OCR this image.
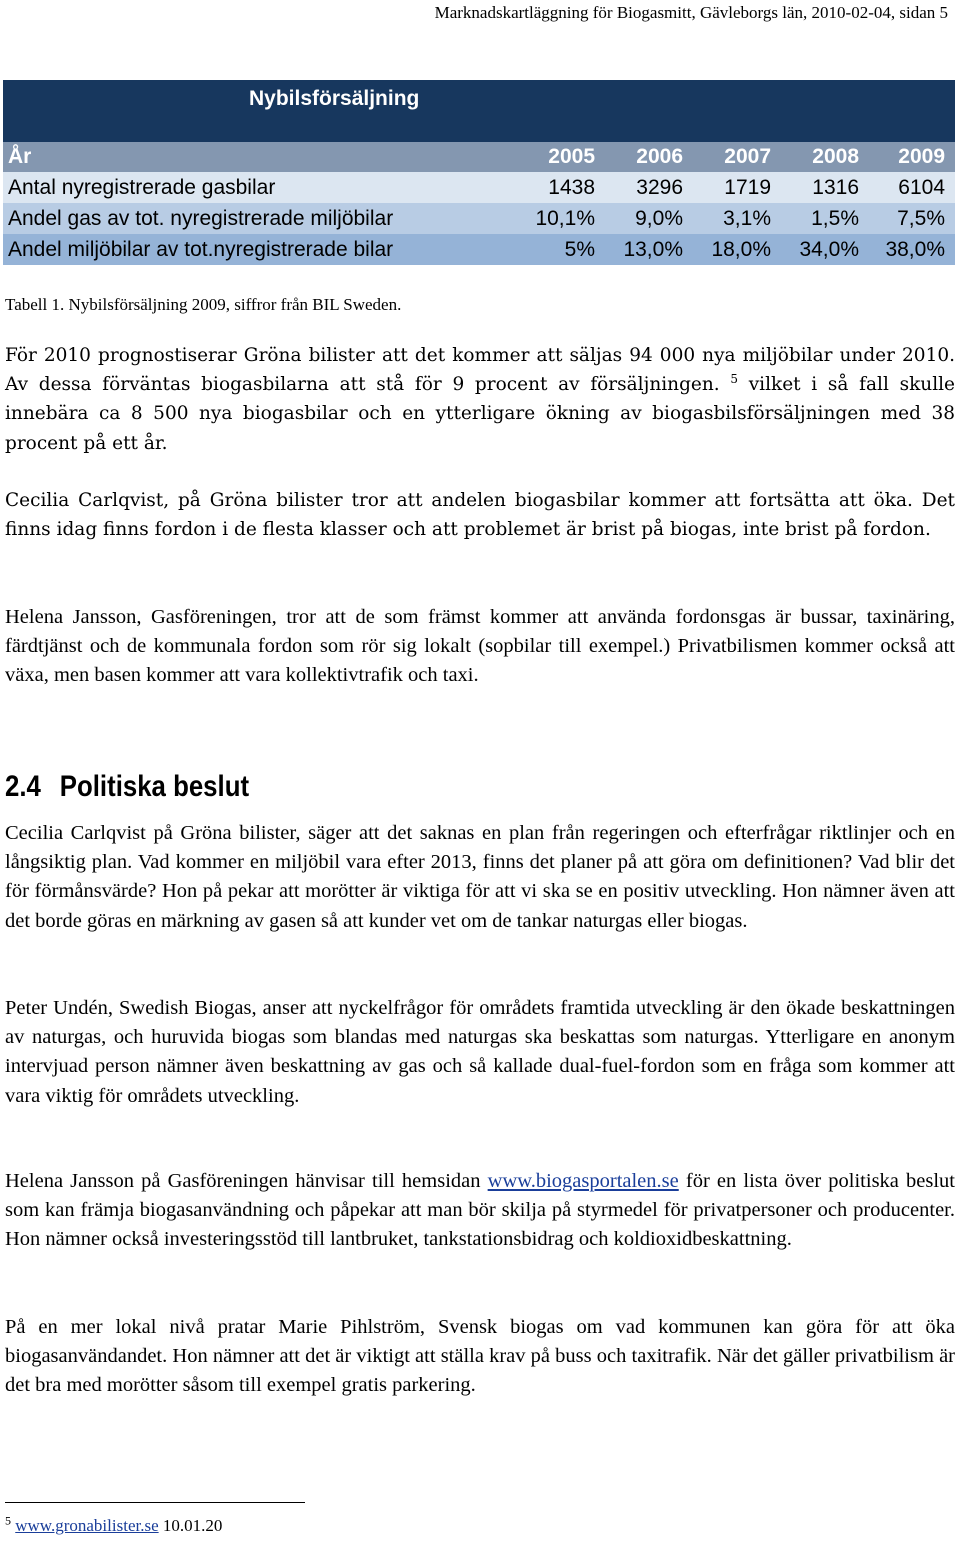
Marknadskartläggning för Biogasmitt, Gävleborgs län, 2010-02-04, sidan 5
Nybilsförsäljning
År	2005	2006	2007	2008	2009
Antal nyregistrerade gasbilar	1438	3296	1719	1316	6104
Andel gas av tot. nyregistrerade miljöbilar	10,1%	9,0%	3,1%	1,5%	7,5%
Andel miljöbilar av tot.nyregistrerade bilar	5%	13,0%	18,0%	34,0%	38,0%
Tabell 1. Nybilsförsäljning 2009, siffror från BIL Sweden.

För 2010 prognostiserar Gröna bilister att det kommer att säljas 94 000 nya miljöbilar under 2010. Av dessa förväntas biogasbilarna att stå för 9 procent av försäljningen. $^5$ vilket i så fall skulle innebära ca 8 500 nya biogasbilar och en ytterligare ökning av biogasbilsförsäljningen med 38 procent på ett år.

Cecilia Carlqvist, på Gröna bilister tror att andelen biogasbilar kommer att fortsätta att öka. Det finns idag finns fordon i de flesta klasser och att problemet är brist på biogas, inte brist på fordon.

Helena Jansson, Gasföreningen, tror att de som främst kommer att använda fordonsgas är bussar, taxinäring, färdtjänst och de kommunala fordon som rör sig lokalt (sopbilar till exempel.) Privatbilismen kommer också att växa, men basen kommer att vara kollektivtrafik och taxi.

2.4 Politiska beslut

Cecilia Carlqvist på Gröna bilister, säger att det saknas en plan från regeringen och efterfrågar riktlinjer och en långsiktig plan. Vad kommer en miljöbil vara efter 2013, finns det planer på att göra om definitionen? Vad blir det för förmånsvärde? Hon på pekar att morötter är viktiga för att vi ska se en positiv utveckling. Hon nämner även att det borde göras en märkning av gasen så att kunder vet om de tankar naturgas eller biogas.

Peter Undén, Swedish Biogas, anser att nyckelfrågor för områdets framtida utveckling är den ökade beskattningen av naturgas, och huruvida biogas som blandas med naturgas ska beskattas som naturgas. Ytterligare en anonym intervjuad person nämner även beskattning av gas och så kallade dual-fuel-fordon som en fråga som kommer att vara viktig för områdets utveckling.

Helena Jansson på Gasföreningen hänvisar till hemsidan www.biogasportalen.se för en lista över politiska beslut som kan främja biogasanvändning och påpekar att man bör skilja på styrmedel för privatpersoner och producenter. Hon nämner också investeringsstöd till lantbruket, tankstationsbidrag och koldioxidbeskattning.

På en mer lokal nivå pratar Marie Pihlström, Svensk biogas om vad kommunen kan göra för att öka biogasanvändandet. Hon nämner att det är viktigt att ställa krav på buss och taxitrafik. När det gäller privatbilism är det bra med morötter såsom till exempel gratis parkering.

$^5$ www.gronabilister.se 10.01.20
